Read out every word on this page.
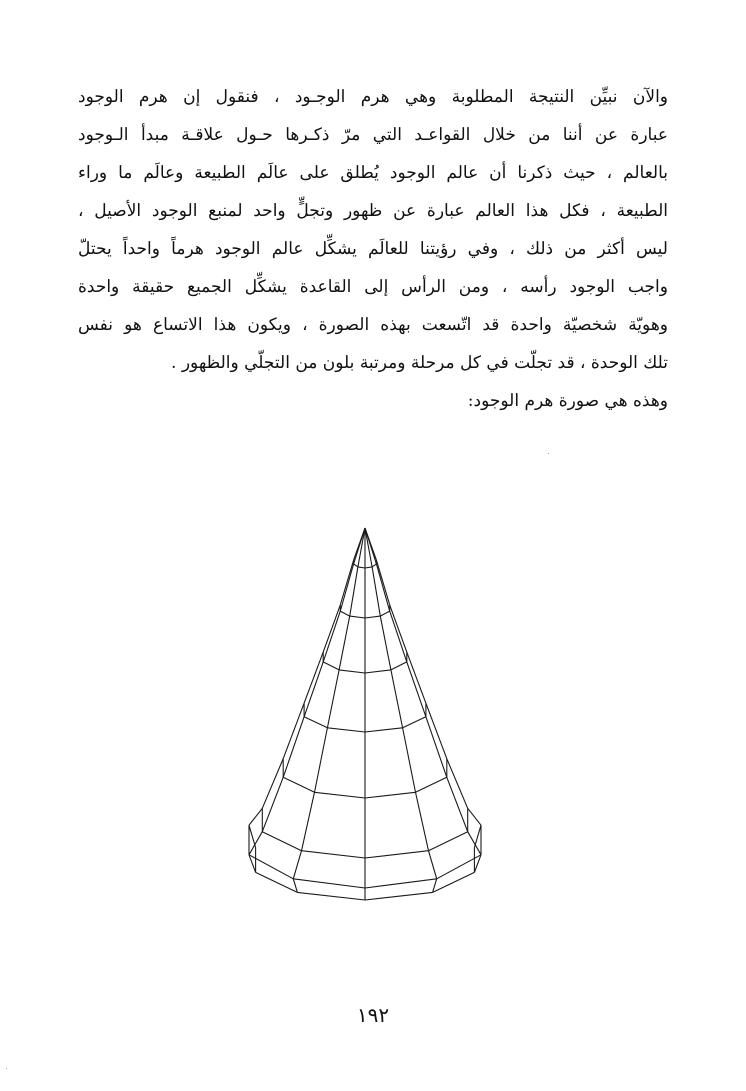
والآن نبيِّن النتيجة المطلوبة وهي هرم الوجـود ، فنقول إن هرم الوجود
عبارة عن أننا من خلال القواعـد التي مرّ ذكـرها حـول علاقـة مبدأ الـوجود
بالعالم ، حيث ذكرنا أن عالم الوجود يُطلق على عالَم الطبيعة وعالَم ما وراء
الطبيعة ، فكل هذا العالم عبارة عن ظهور وتجلٍّ واحد لمنبع الوجود الأصيل ،
ليس أكثر من ذلك ، وفي رؤيتنا للعالَم يشكِّل عالم الوجود هرماً واحداً يحتلّ
واجب الوجود رأسه ، ومن الرأس إلى القاعدة يشكِّل الجميع حقيقة واحدة
وهويّة شخصيّة واحدة قد اتّسعت بهذه الصورة ، ويكون هذا الاتساع هو نفس
تلك الوحدة ، قد تجلّت في كل مرحلة ومرتبة بلون من التجلّي والظهور .
وهذه هي صورة هرم الوجود:
١٩٢
